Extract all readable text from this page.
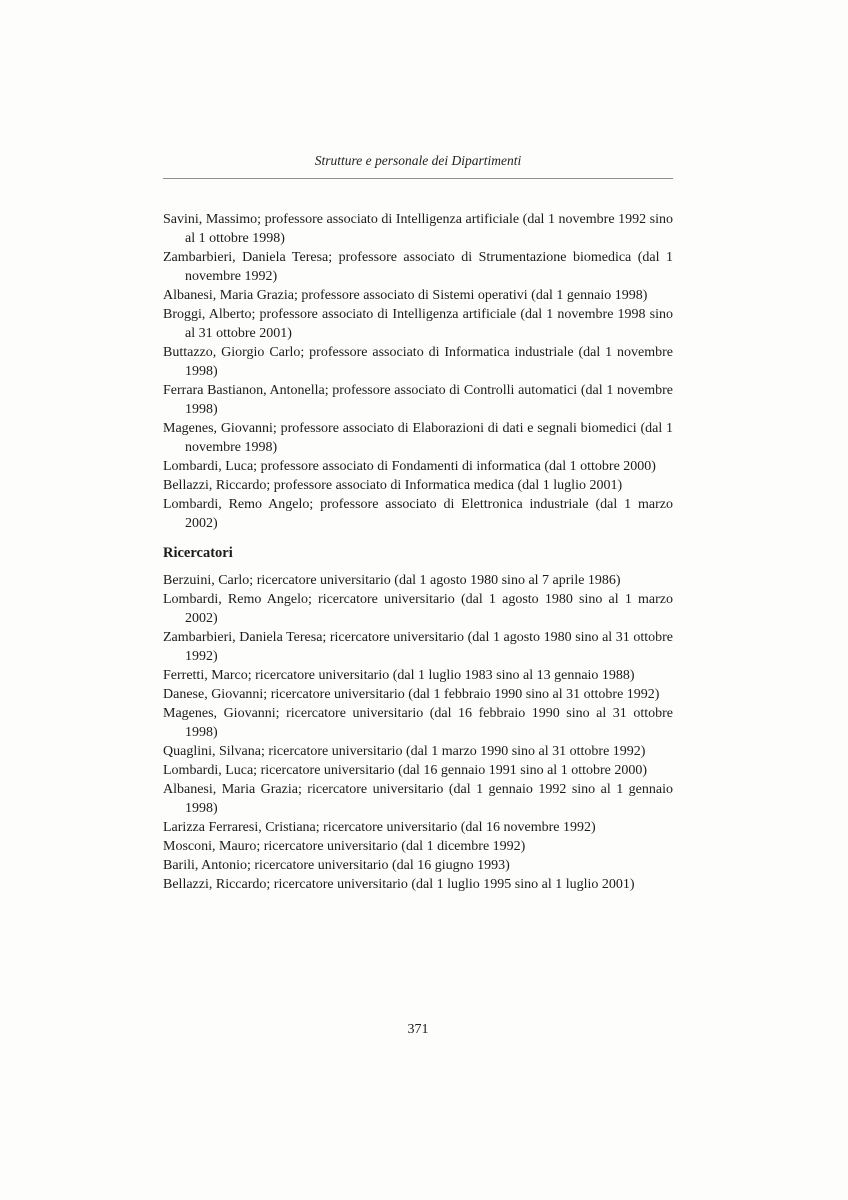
Strutture e personale dei Dipartimenti

Savini, Massimo; professore associato di Intelligenza artificiale (dal 1 novembre 1992 sino al 1 ottobre 1998)

Zambarbieri, Daniela Teresa; professore associato di Strumentazione biomedica (dal 1 novembre 1992)

Albanesi, Maria Grazia; professore associato di Sistemi operativi (dal 1 gennaio 1998)

Broggi, Alberto; professore associato di Intelligenza artificiale (dal 1 novembre 1998 sino al 31 ottobre 2001)

Buttazzo, Giorgio Carlo; professore associato di Informatica industriale (dal 1 novembre 1998)

Ferrara Bastianon, Antonella; professore associato di Controlli automatici (dal 1 novembre 1998)

Magenes, Giovanni; professore associato di Elaborazioni di dati e segnali biomedici (dal 1 novembre 1998)

Lombardi, Luca; professore associato di Fondamenti di informatica (dal 1 ottobre 2000)

Bellazzi, Riccardo; professore associato di Informatica medica (dal 1 luglio 2001)

Lombardi, Remo Angelo; professore associato di Elettronica industriale (dal 1 marzo 2002)

Ricercatori

Berzuini, Carlo; ricercatore universitario (dal 1 agosto 1980 sino al 7 aprile 1986)

Lombardi, Remo Angelo; ricercatore universitario (dal 1 agosto 1980 sino al 1 marzo 2002)

Zambarbieri, Daniela Teresa; ricercatore universitario (dal 1 agosto 1980 sino al 31 ottobre 1992)

Ferretti, Marco; ricercatore universitario (dal 1 luglio 1983 sino al 13 gennaio 1988)

Danese, Giovanni; ricercatore universitario (dal 1 febbraio 1990 sino al 31 ottobre 1992)

Magenes, Giovanni; ricercatore universitario (dal 16 febbraio 1990 sino al 31 ottobre 1998)

Quaglini, Silvana; ricercatore universitario (dal 1 marzo 1990 sino al 31 ottobre 1992)

Lombardi, Luca; ricercatore universitario (dal 16 gennaio 1991 sino al 1 ottobre 2000)

Albanesi, Maria Grazia; ricercatore universitario (dal 1 gennaio 1992 sino al 1 gennaio 1998)

Larizza Ferraresi, Cristiana; ricercatore universitario (dal 16 novembre 1992)

Mosconi, Mauro; ricercatore universitario (dal 1 dicembre 1992)

Barili, Antonio; ricercatore universitario (dal 16 giugno 1993)

Bellazzi, Riccardo; ricercatore universitario (dal 1 luglio 1995 sino al 1 luglio 2001)

371
